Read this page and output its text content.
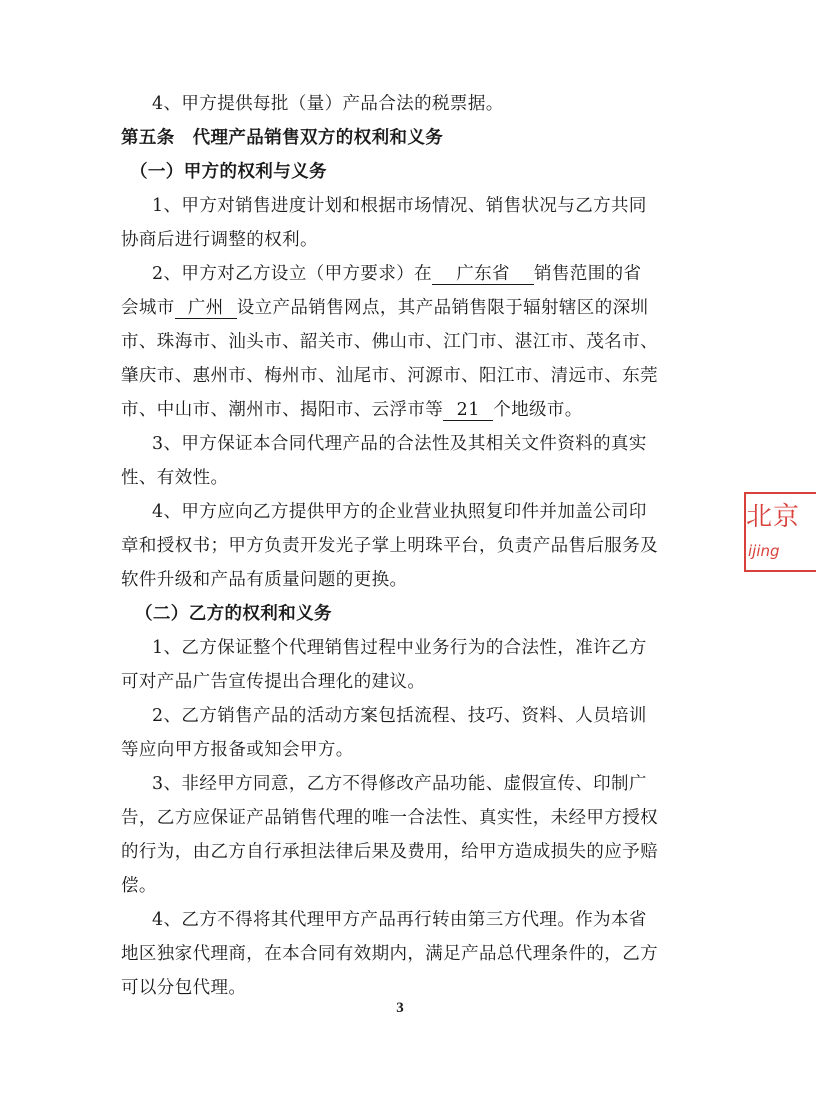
4、甲方提供每批（量）产品合法的税票据。
第五条　代理产品销售双方的权利和义务
（一）甲方的权利与义务
1、甲方对销售进度计划和根据市场情况、销售状况与乙方共同
协商后进行调整的权利。
2、甲方对乙方设立（甲方要求）在 广东省 销售范围的省
会城市 广州 设立产品销售网点，其产品销售限于辐射辖区的深圳
市、珠海市、汕头市、韶关市、佛山市、江门市、湛江市、茂名市、
肇庆市、惠州市、梅州市、汕尾市、河源市、阳江市、清远市、东莞
市、中山市、潮州市、揭阳市、云浮市等 21 个地级市。
3、甲方保证本合同代理产品的合法性及其相关文件资料的真实
性、有效性。
4、甲方应向乙方提供甲方的企业营业执照复印件并加盖公司印
章和授权书；甲方负责开发光子掌上明珠平台，负责产品售后服务及
软件升级和产品有质量问题的更换。
（二）乙方的权利和义务
1、乙方保证整个代理销售过程中业务行为的合法性，准许乙方
可对产品广告宣传提出合理化的建议。
2、乙方销售产品的活动方案包括流程、技巧、资料、人员培训
等应向甲方报备或知会甲方。
3、非经甲方同意，乙方不得修改产品功能、虚假宣传、印制广
告，乙方应保证产品销售代理的唯一合法性、真实性，未经甲方授权
的行为，由乙方自行承担法律后果及费用，给甲方造成损失的应予赔
偿。
4、乙方不得将其代理甲方产品再行转由第三方代理。作为本省
地区独家代理商，在本合同有效期内，满足产品总代理条件的，乙方
可以分包代理。
3
北京
ijing
